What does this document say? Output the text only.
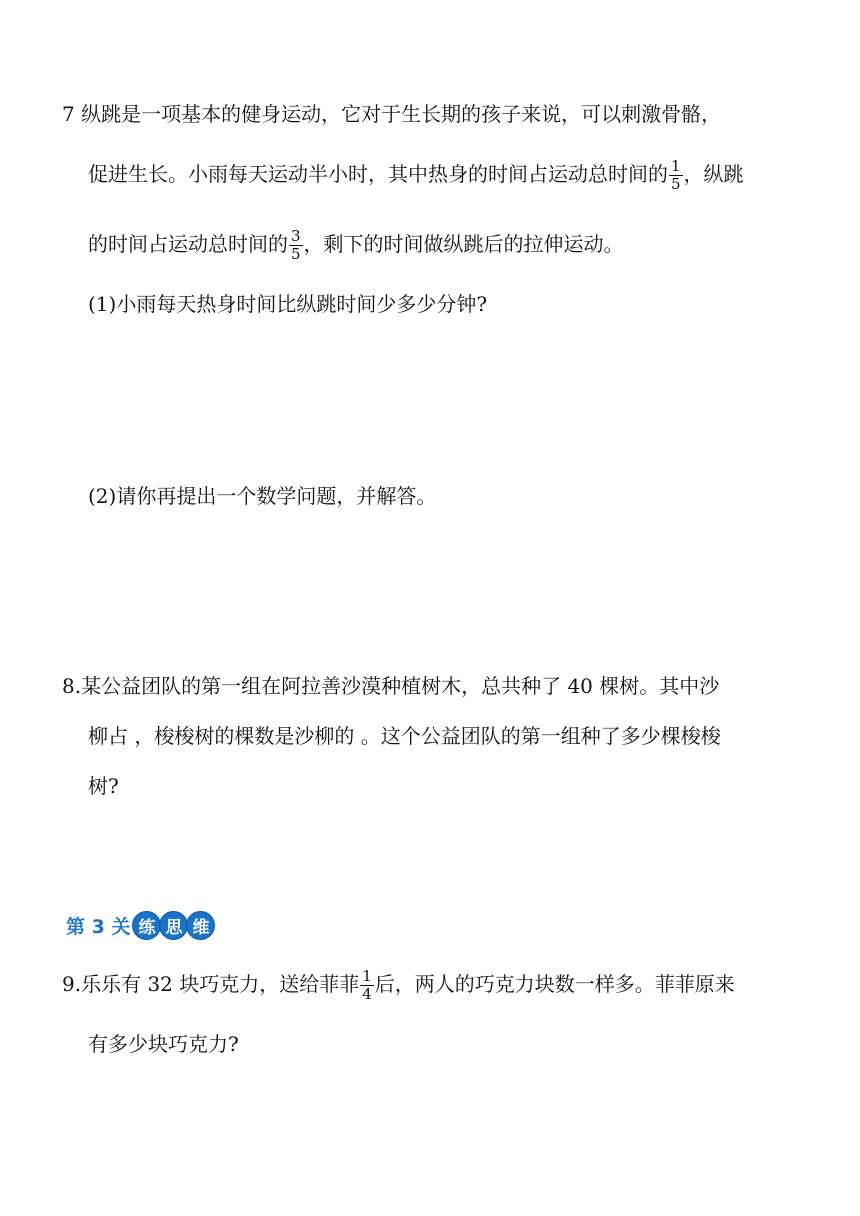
7 纵跳是一项基本的健身运动，它对于生长期的孩子来说，可以刺激骨骼，
促进生长。小雨每天运动半小时，其中热身的时间占运动总时间的 $\frac{1}{5}$ ，纵跳
的时间占运动总时间的 $\frac{3}{5}$ ，剩下的时间做纵跳后的拉伸运动。
(1)小雨每天热身时间比纵跳时间少多少分钟?
(2)请你再提出一个数学问题，并解答。
8.某公益团队的第一组在阿拉善沙漠种植树木，总共种了 40 棵树。其中沙
柳占 ，梭梭树的棵数是沙柳的 。这个公益团队的第一组种了多少棵梭梭
树?
第 3 关 练 思 维
9.乐乐有 32 块巧克力，送给菲菲 $\frac{1}{4}$ 后，两人的巧克力块数一样多。菲菲原来
有多少块巧克力?
